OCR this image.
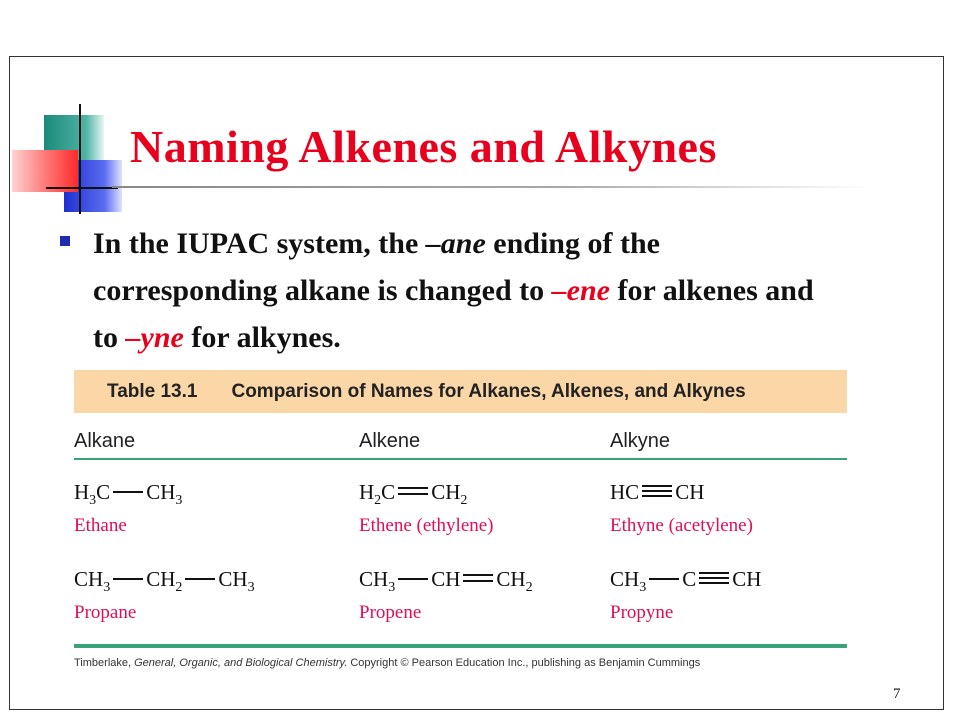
Naming Alkenes and Alkynes

In the IUPAC system, the –ane ending of the corresponding alkane is changed to –ene for alkenes and to –yne for alkynes.

Table 13.1 Comparison of Names for Alkanes, Alkenes, and Alkynes
Alkane	Alkene	Alkyne
$H_3C$ $CH_3$	$H_2C$ $CH_2$	HC CH
Ethane	Ethene (ethylene)	Ethyne (acetylene)
$CH_3$ $CH_2$ $CH_3$	$CH_3$ CH $CH_2$	$CH_3$ C CH
Propane	Propene	Propyne
Timberlake, General, Organic, and Biological Chemistry. Copyright © Pearson Education Inc., publishing as Benjamin Cummings
7
